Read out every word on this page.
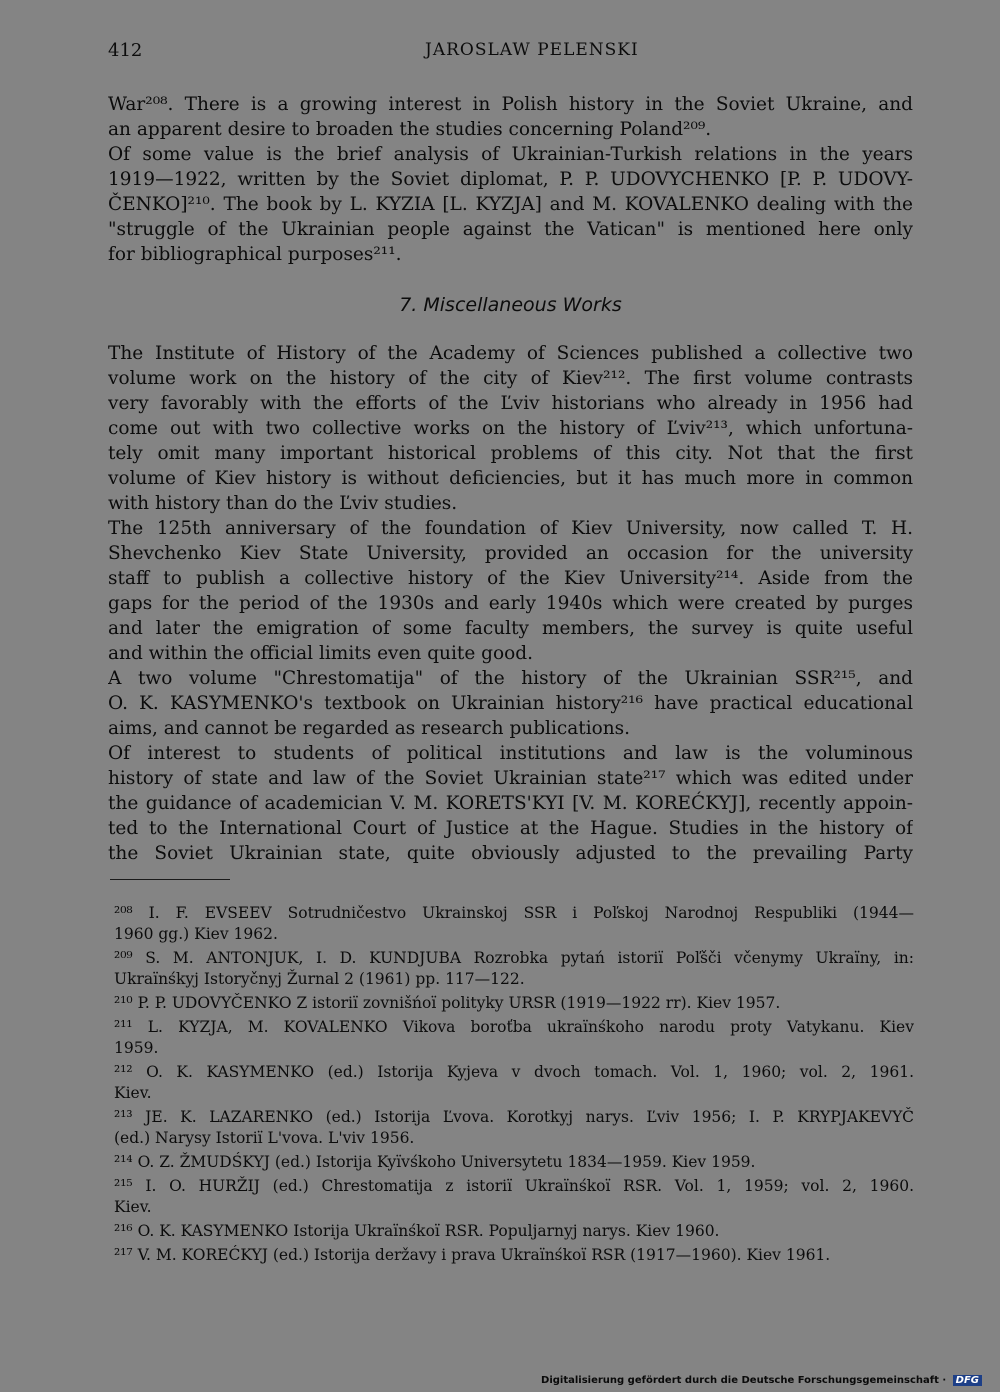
412	JAROSLAW PELENSKI
War²⁰⁸. There is a growing interest in Polish history in the Soviet Ukraine, and
an apparent desire to broaden the studies concerning Poland²⁰⁹.
Of some value is the brief analysis of Ukrainian-Turkish relations in the years
1919—1922, written by the Soviet diplomat, P. P. UDOVYCHENKO [P. P. UDOVY-
ČENKO]²¹⁰. The book by L. KYZIA [L. KYZJA] and M. KOVALENKO dealing with the
"struggle of the Ukrainian people against the Vatican" is mentioned here only
for bibliographical purposes²¹¹.
7. Miscellaneous Works
The Institute of History of the Academy of Sciences published a collective two
volume work on the history of the city of Kiev²¹². The first volume contrasts
very favorably with the efforts of the Ľviv historians who already in 1956 had
come out with two collective works on the history of Ľviv²¹³, which unfortuna-
tely omit many important historical problems of this city. Not that the first
volume of Kiev history is without deficiencies, but it has much more in common
with history than do the Ľviv studies.
The 125th anniversary of the foundation of Kiev University, now called T. H.
Shevchenko Kiev State University, provided an occasion for the university
staff to publish a collective history of the Kiev University²¹⁴. Aside from the
gaps for the period of the 1930s and early 1940s which were created by purges
and later the emigration of some faculty members, the survey is quite useful
and within the official limits even quite good.
A two volume "Chrestomatija" of the history of the Ukrainian SSR²¹⁵, and
O. K. KASYMENKO's textbook on Ukrainian history²¹⁶ have practical educational
aims, and cannot be regarded as research publications.
Of interest to students of political institutions and law is the voluminous
history of state and law of the Soviet Ukrainian state²¹⁷ which was edited under
the guidance of academician V. M. KORETS'KYI [V. M. KOREĆKYJ], recently appoin-
ted to the International Court of Justice at the Hague. Studies in the history of
the Soviet Ukrainian state, quite obviously adjusted to the prevailing Party
²⁰⁸ I. F. EVSEEV Sotrudničestvo Ukrainskoj SSR i Poľskoj Narodnoj Respubliki (1944—
1960 gg.) Kiev 1962.
²⁰⁹ S. M. ANTONJUK, I. D. KUNDJUBA Rozrobka pytań istoriï Poľšči včenymy Ukraïny, in:
Ukraïnśkyj Istoryčnyj Žurnal 2 (1961) pp. 117—122.
²¹⁰ P. P. UDOVYČENKO Z istoriï zovnišńoï polityky URSR (1919—1922 rr). Kiev 1957.
²¹¹ L. KYZJA, M. KOVALENKO Vikova boroťba ukraïnśkoho narodu proty Vatykanu. Kiev
1959.
²¹² O. K. KASYMENKO (ed.) Istorija Kyjeva v dvoch tomach. Vol. 1, 1960; vol. 2, 1961.
Kiev.
²¹³ JE. K. LAZARENKO (ed.) Istorija Ľvova. Korotkyj narys. Ľviv 1956; I. P. KRYPJAKEVYČ
(ed.) Narysy Istoriï L'vova. L'viv 1956.
²¹⁴ O. Z. ŽMUDŚKYJ (ed.) Istorija Kyïvśkoho Universytetu 1834—1959. Kiev 1959.
²¹⁵ I. O. HURŽIJ (ed.) Chrestomatija z istoriï Ukraïnśkoï RSR. Vol. 1, 1959; vol. 2, 1960.
Kiev.
²¹⁶ O. K. KASYMENKO Istorija Ukraïnśkoï RSR. Populjarnyj narys. Kiev 1960.
²¹⁷ V. M. KOREĆKYJ (ed.) Istorija deržavy i prava Ukraïnśkoï RSR (1917—1960). Kiev 1961.
Digitalisierung gefördert durch die Deutsche Forschungsgemeinschaft · DFG
